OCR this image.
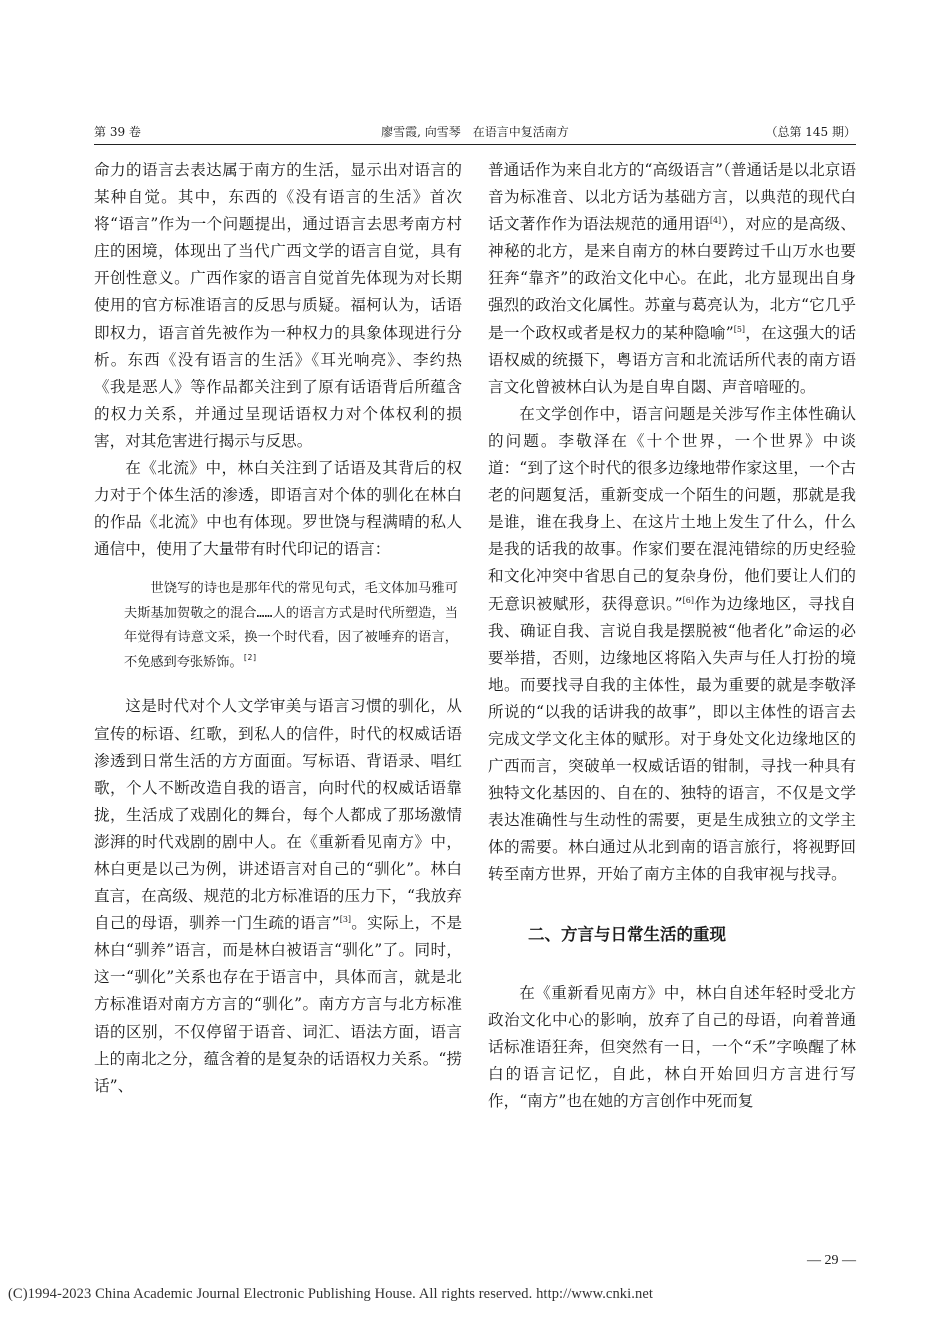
第 39 卷	廖雪霞, 向雪琴　在语言中复活南方	（总第 145 期）

命力的语言去表达属于南方的生活，显示出对语言的某种自觉。其中，东西的《没有语言的生活》首次将“语言”作为一个问题提出，通过语言去思考南方村庄的困境，体现出了当代广西文学的语言自觉，具有开创性意义。广西作家的语言自觉首先体现为对长期使用的官方标准语言的反思与质疑。福柯认为，话语即权力，语言首先被作为一种权力的具象体现进行分析。东西《没有语言的生活》《耳光响亮》、李约热《我是恶人》等作品都关注到了原有话语背后所蕴含的权力关系，并通过呈现话语权力对个体权利的损害，对其危害进行揭示与反思。

在《北流》中，林白关注到了话语及其背后的权力对于个体生活的渗透，即语言对个体的驯化在林白的作品《北流》中也有体现。罗世饶与程满晴的私人通信中，使用了大量带有时代印记的语言：

世饶写的诗也是那年代的常见句式，毛文体加马雅可夫斯基加贺敬之的混合……人的语言方式是时代所塑造，当年觉得有诗意文采，换一个时代看，因了被唾弃的语言，不免感到夸张矫饰。[2]

这是时代对个人文学审美与语言习惯的驯化，从宣传的标语、红歌，到私人的信件，时代的权威话语渗透到日常生活的方方面面。写标语、背语录、唱红歌，个人不断改造自我的语言，向时代的权威话语靠拢，生活成了戏剧化的舞台，每个人都成了那场激情澎湃的时代戏剧的剧中人。在《重新看见南方》中，林白更是以己为例，讲述语言对自己的“驯化”。林白直言，在高级、规范的北方标准语的压力下，“我放弃自己的母语，驯养一门生疏的语言”[3]。实际上，不是林白“驯养”语言，而是林白被语言“驯化”了。同时，这一“驯化”关系也存在于语言中，具体而言，就是北方标准语对南方方言的“驯化”。南方方言与北方标准语的区别，不仅停留于语音、词汇、语法方面，语言上的南北之分，蕴含着的是复杂的话语权力关系。“捞话”、

普通话作为来自北方的“高级语言”（普通话是以北京语音为标准音、以北方话为基础方言，以典范的现代白话文著作作为语法规范的通用语[4]），对应的是高级、神秘的北方，是来自南方的林白要跨过千山万水也要狂奔“靠齐”的政治文化中心。在此，北方显现出自身强烈的政治文化属性。苏童与葛亮认为，北方“它几乎是一个政权或者是权力的某种隐喻”[5]，在这强大的话语权威的统摄下，粤语方言和北流话所代表的南方语言文化曾被林白认为是自卑自閟、声音喑哑的。

在文学创作中，语言问题是关涉写作主体性确认的问题。李敬泽在《十个世界，一个世界》中谈道：“到了这个时代的很多边缘地带作家这里，一个古老的问题复活，重新变成一个陌生的问题，那就是我是谁，谁在我身上、在这片土地上发生了什么，什么是我的话我的故事。作家们要在混沌错综的历史经验和文化冲突中省思自己的复杂身份，他们要让人们的无意识被赋形，获得意识。”[6]作为边缘地区，寻找自我、确证自我、言说自我是摆脱被“他者化”命运的必要举措，否则，边缘地区将陷入失声与任人打扮的境地。而要找寻自我的主体性，最为重要的就是李敬泽所说的“以我的话讲我的故事”，即以主体性的语言去完成文学文化主体的赋形。对于身处文化边缘地区的广西而言，突破单一权威话语的钳制，寻找一种具有独特文化基因的、自在的、独特的语言，不仅是文学表达准确性与生动性的需要，更是生成独立的文学主体的需要。林白通过从北到南的语言旅行，将视野回转至南方世界，开始了南方主体的自我审视与找寻。

二、方言与日常生活的重现

在《重新看见南方》中，林白自述年轻时受北方政治文化中心的影响，放弃了自己的母语，向着普通话标准语狂奔，但突然有一日，一个“禾”字唤醒了林白的语言记忆，自此，林白开始回归方言进行写作，“南方”也在她的方言创作中死而复

— 29 —
(C)1994-2023 China Academic Journal Electronic Publishing House. All rights reserved. http://www.cnki.net
